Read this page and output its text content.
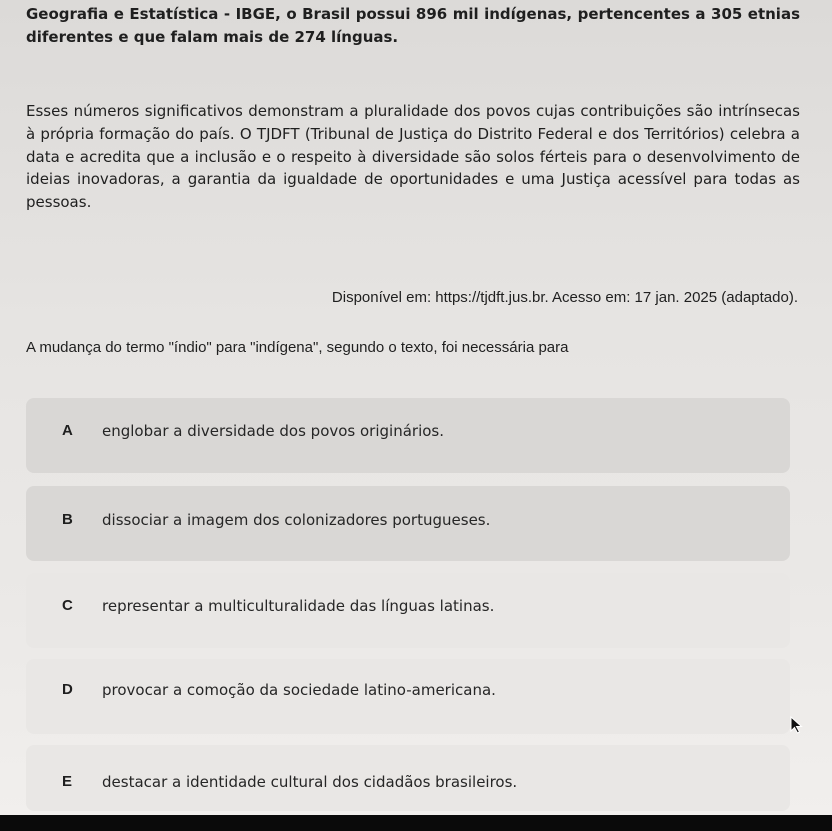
Geografia e Estatística - IBGE, o Brasil possui 896 mil indígenas, pertencentes a 305 etnias diferentes e que falam mais de 274 línguas.

Esses números significativos demonstram a pluralidade dos povos cujas contribuições são intrínsecas à própria formação do país. O TJDFT (Tribunal de Justiça do Distrito Federal e dos Territórios) celebra a data e acredita que a inclusão e o respeito à diversidade são solos férteis para o desenvolvimento de ideias inovadoras, a garantia da igualdade de oportunidades e uma Justiça acessível para todas as pessoas.

Disponível em: https://tjdft.jus.br. Acesso em: 17 jan. 2025 (adaptado).

A mudança do termo "índio" para "indígena", segundo o texto, foi necessária para

A englobar a diversidade dos povos originários.
B dissociar a imagem dos colonizadores portugueses.
C representar a multiculturalidade das línguas latinas.
D provocar a comoção da sociedade latino-americana.
E destacar a identidade cultural dos cidadãos brasileiros.
